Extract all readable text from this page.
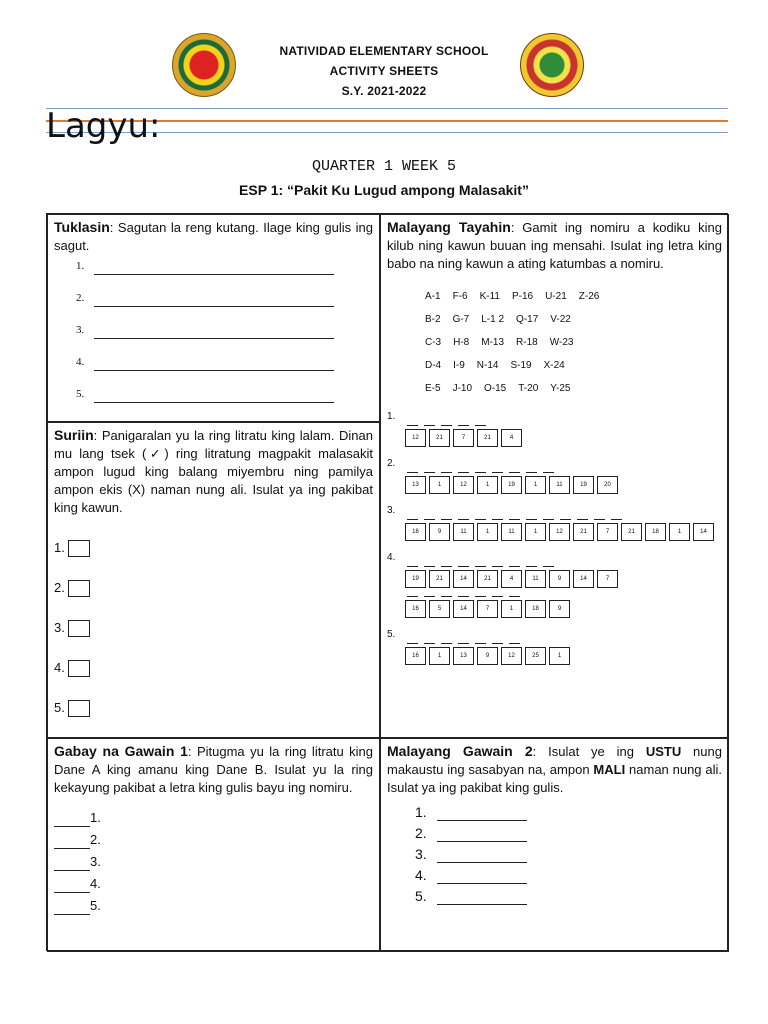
NATIVIDAD ELEMENTARY SCHOOL
ACTIVITY SHEETS
S.Y. 2021-2022
Lagyu:
QUARTER 1 WEEK 5
ESP 1: “Pakit Ku Lugud ampong Malasakit”
Tuklasin: Sagutan la reng kutang. Ilage king gulis ing sagut.
1.
2.
3.
4.
5.
Malayang Tayahin: Gamit ing nomiru a kodiku king kilub ning kawun buuan ing mensahi. Isulat ing letra king babo na ning kawun a ating katumbas a nomiru.
A-1 F-6 K-11 P-16 U-21 Z-26
B-2 G-7 L-1 2 Q-17 V-22
C-3 H-8 M-13 R-18 W-23
D-4 I-9 N-14 S-19 X-24
E-5 J-10 O-15 T-20 Y-25
1.
12	21	7	21	4
2.
13	1	12	1	19	1	11	19	20
3.
16	9	11	1	11	1	12	21	7	21	18	1	14
4.
19	21	14	21	4	11	9	14	7
16	5	14	7	1	18	9
5.
16	1	13	9	12	25	1
Suriin: Panigaralan yu la ring litratu king lalam. Dinan mu lang tsek (✓) ring litratung magpakit malasakit ampon lugud king balang miyembru ning pamilya ampon ekis (X) naman nung ali. Isulat ya ing pakibat king kawun.
1.
2.
3.
4.
5.
Gabay na Gawain 1: Pitugma yu la ring litratu king Dane A king amanu king Dane B. Isulat yu la ring kekayung pakibat a letra king gulis bayu ing nomiru.
1.
2.
3.
4.
5.
Malayang Gawain 2: Isulat ye ing USTU nung makaustu ing sasabyan na, ampon MALI naman nung ali. Isulat ya ing pakibat king gulis.
1.
2.
3.
4.
5.
